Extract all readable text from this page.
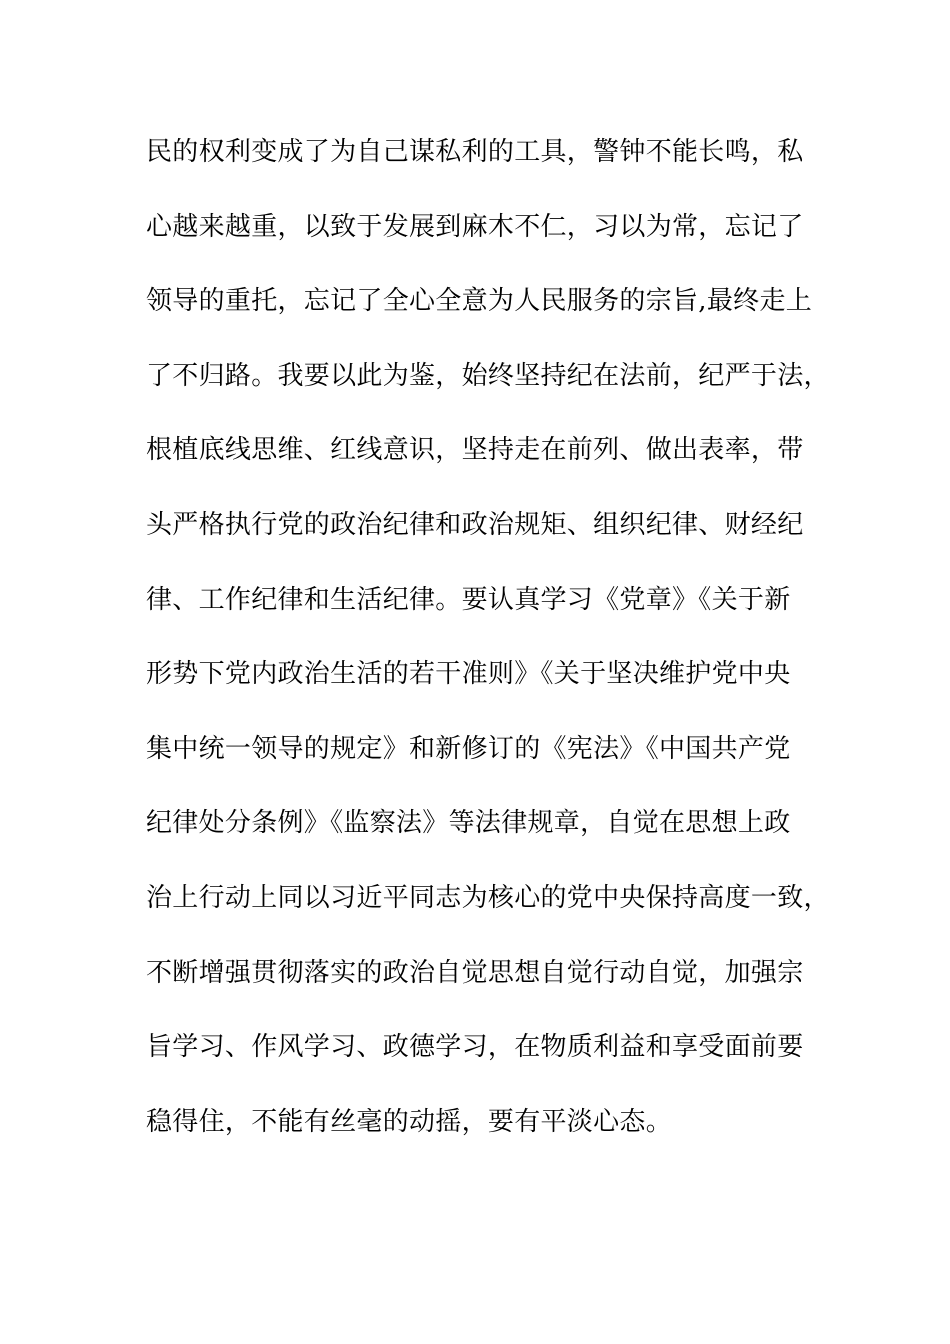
民的权利变成了为自己谋私利的工具，警钟不能长鸣，私
心越来越重，以致于发展到麻木不仁，习以为常，忘记了
领导的重托，忘记了全心全意为人民服务的宗旨,最终走上
了不归路。我要以此为鉴，始终坚持纪在法前，纪严于法，
根植底线思维、红线意识，坚持走在前列、做出表率，带
头严格执行党的政治纪律和政治规矩、组织纪律、财经纪
律、工作纪律和生活纪律。要认真学习《党章》《关于新
形势下党内政治生活的若干准则》《关于坚决维护党中央
集中统一领导的规定》和新修订的《宪法》《中国共产党
纪律处分条例》《监察法》等法律规章，自觉在思想上政
治上行动上同以习近平同志为核心的党中央保持高度一致，
不断增强贯彻落实的政治自觉思想自觉行动自觉，加强宗
旨学习、作风学习、政德学习，在物质利益和享受面前要
稳得住，不能有丝毫的动摇，要有平淡心态。
